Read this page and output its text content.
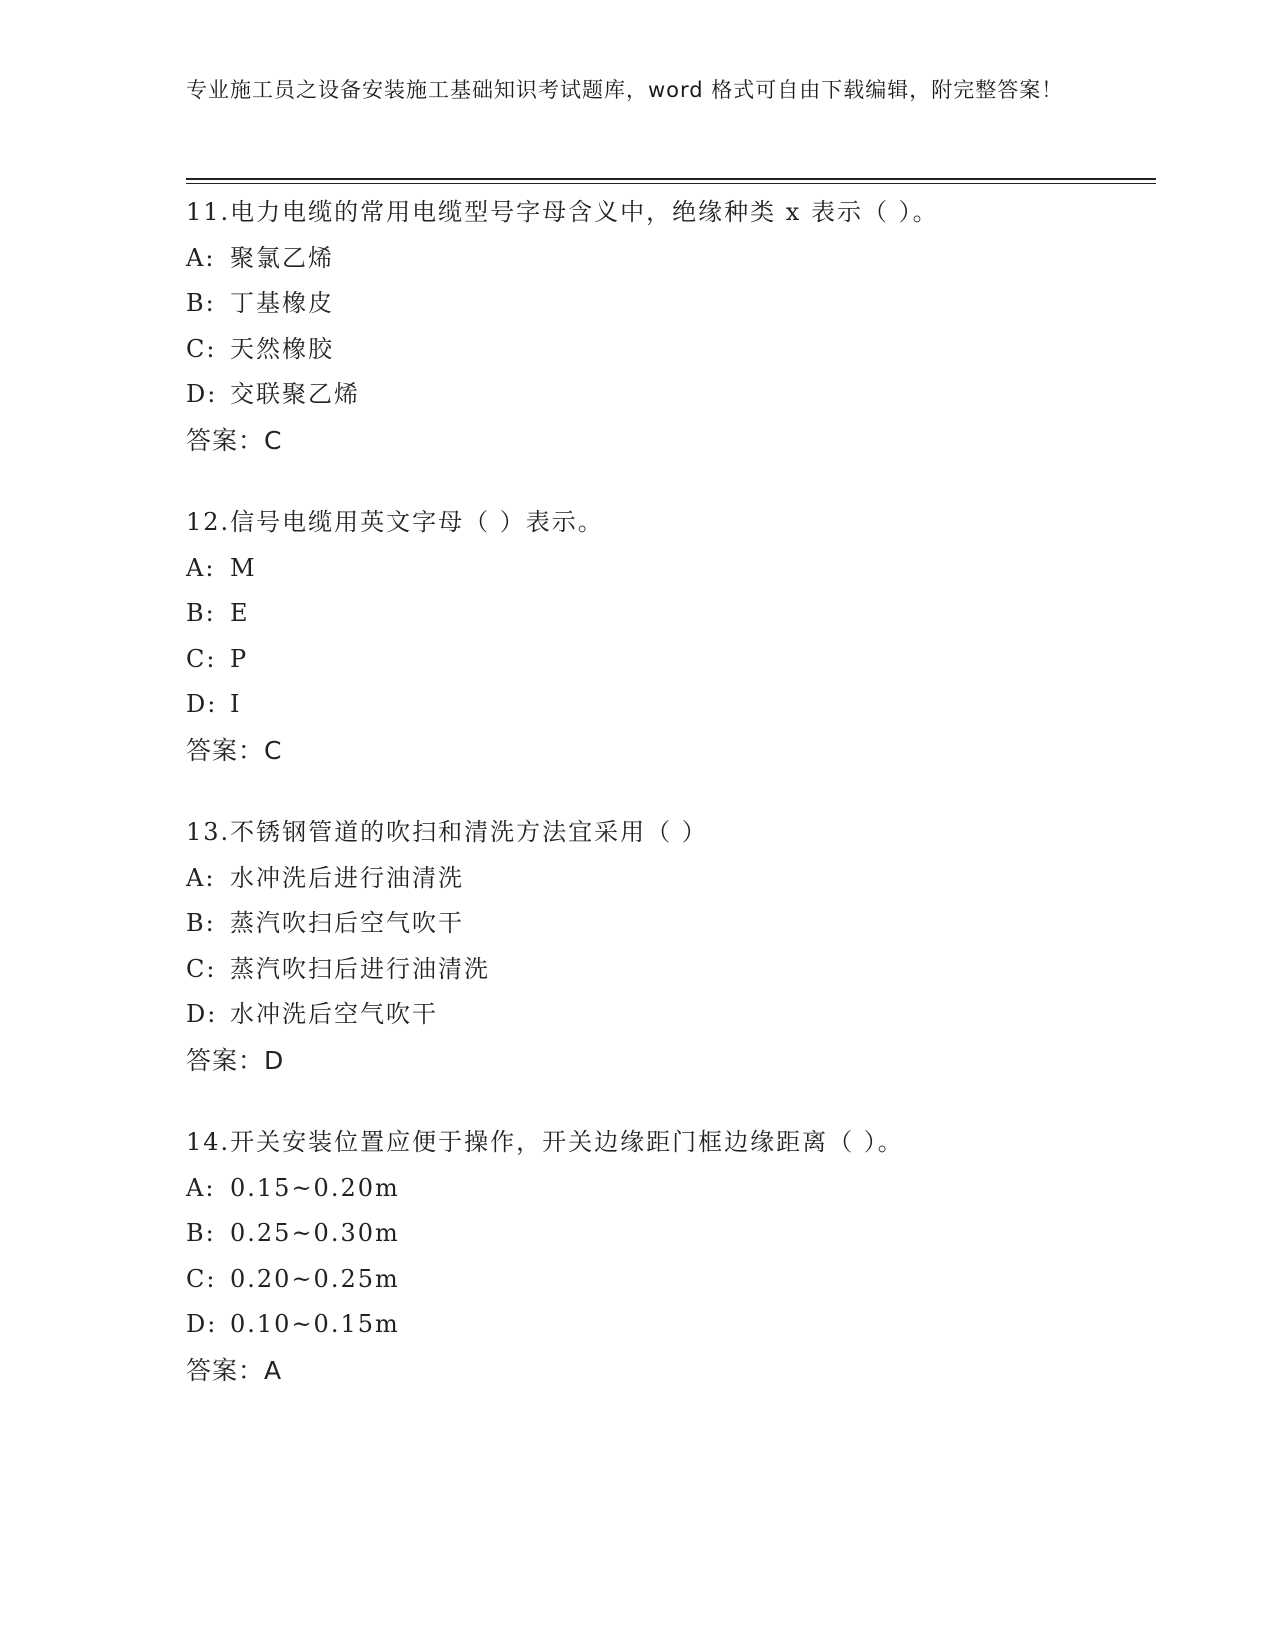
专业施工员之设备安装施工基础知识考试题库，word 格式可自由下载编辑，附完整答案！
11.电力电缆的常用电缆型号字母含义中，绝缘种类 x 表示（ ）。
A: 聚氯乙烯
B: 丁基橡皮
C: 天然橡胶
D: 交联聚乙烯
答案：C
12.信号电缆用英文字母（ ）表示。
A: M
B: E
C: P
D: I
答案：C
13.不锈钢管道的吹扫和清洗方法宜采用（ ）
A: 水冲洗后进行油清洗
B: 蒸汽吹扫后空气吹干
C: 蒸汽吹扫后进行油清洗
D: 水冲洗后空气吹干
答案：D
14.开关安装位置应便于操作，开关边缘距门框边缘距离（ ）。
A: 0.15~0.20m
B: 0.25~0.30m
C: 0.20~0.25m
D: 0.10~0.15m
答案：A
